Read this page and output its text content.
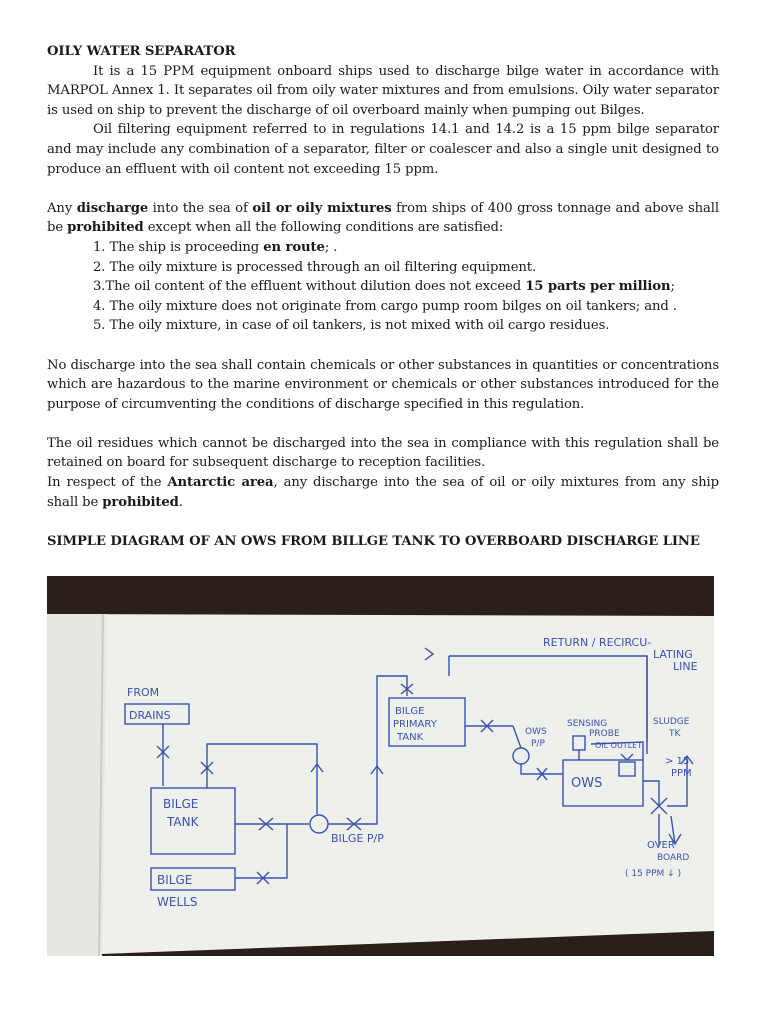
OILY WATER SEPARATOR

It is a 15 PPM equipment onboard ships used to discharge bilge water in accordance with MARPOL Annex 1. It separates oil from oily water mixtures and from emulsions. Oily water separator is used on ship to prevent the discharge of oil overboard mainly when pumping out Bilges.

Oil filtering equipment referred to in regulations 14.1 and 14.2 is a 15 ppm bilge separator and may include any combination of a separator, filter or coalescer and also a single unit designed to produce an effluent with oil content not exceeding 15 ppm.

Any discharge into the sea of oil or oily mixtures from ships of 400 gross tonnage and above shall be prohibited except when all the following conditions are satisfied:

1. The ship is proceeding en route; .

2. The oily mixture is processed through an oil filtering equipment.

3.The oil content of the effluent without dilution does not exceed 15 parts per million;

4. The oily mixture does not originate from cargo pump room bilges on oil tankers; and .

5. The oily mixture, in case of oil tankers, is not mixed with oil cargo residues.

No discharge into the sea shall contain chemicals or other substances in quantities or concentrations which are hazardous to the marine environment or chemicals or other substances introduced for the purpose of circumventing the conditions of discharge specified in this regulation.

The oil residues which cannot be discharged into the sea in compliance with this regulation shall be retained on board for subsequent discharge to reception facilities.

In respect of the Antarctic area, any discharge into the sea of oil or oily mixtures from any ship shall be prohibited.

SIMPLE DIAGRAM OF AN OWS FROM BILLGE TANK TO OVERBOARD DISCHARGE LINE

RETURN / RECIRCU-
LATING
LINE
FROM
DRAINS	BILGE
PRIMARY
TANK	OWS
P/P
SENSING
PROBE
OIL OUTLET
SLUDGE
TK
OWS
> 15
PPM
BILGE
TANK
BILGE P/P
BILGE
WELLS
OVER
BOARD
( 15 PPM ↓ )
